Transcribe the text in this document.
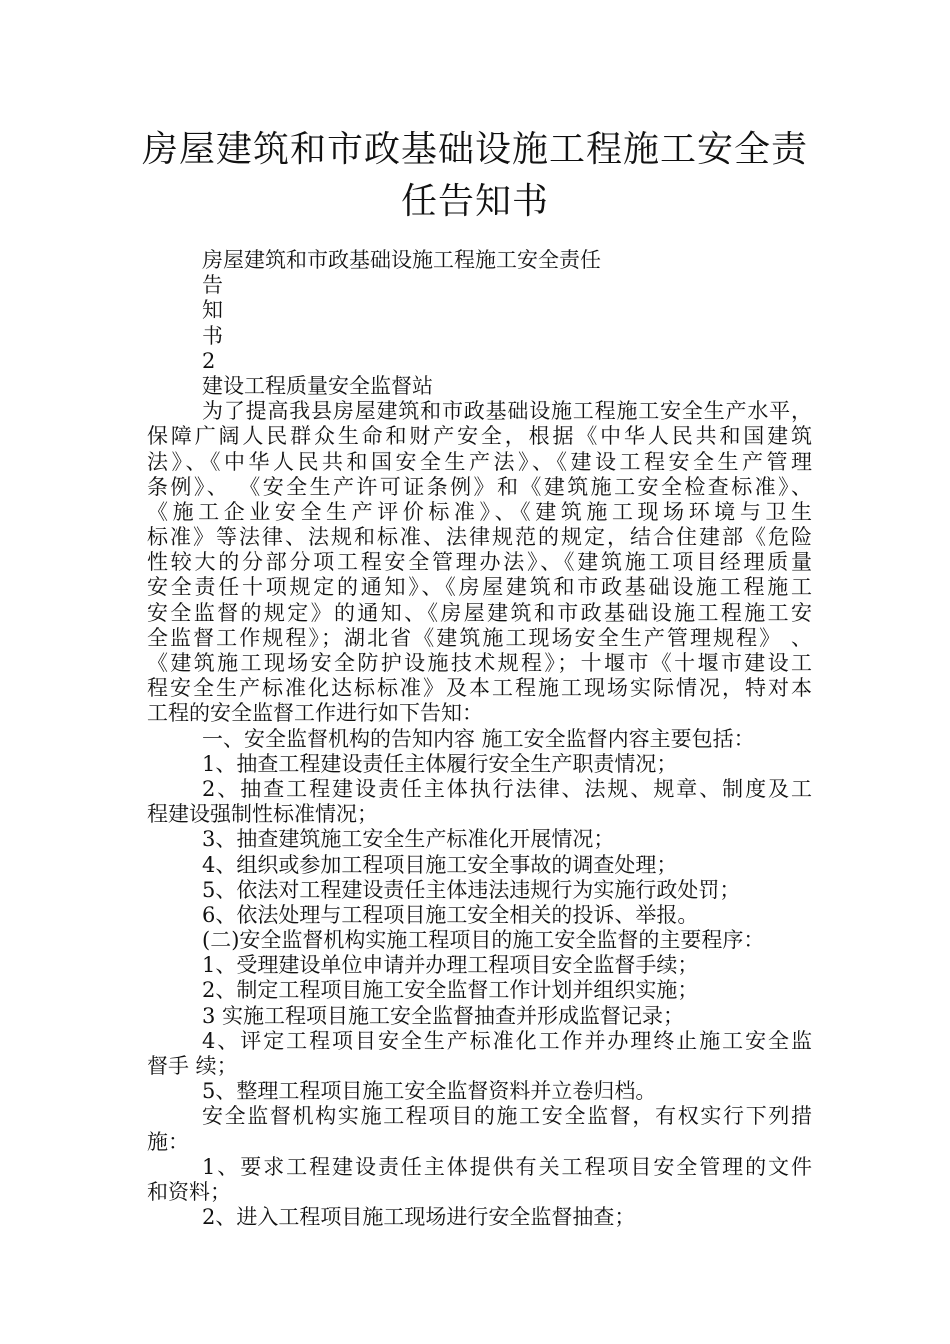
房屋建筑和市政基础设施工程施工安全责
任告知书
房屋建筑和市政基础设施工程施工安全责任
告
知
书
2
建设工程质量安全监督站
为了提高我县房屋建筑和市政基础设施工程施工安全生产水平，
保障广阔人民群众生命和财产安全，根据《中华人民共和国建筑
法》、《中华人民共和国安全生产法》、《建设工程安全生产管理
条例》、 《安全生产许可证条例》和《建筑施工安全检查标准》、
《施工企业安全生产评价标准》、《建筑施工现场环境与卫生
标准》等法律、法规和标准、法律规范的规定，结合住建部《危险
性较大的分部分项工程安全管理办法》、《建筑施工项目经理质量
安全责任十项规定的通知》、《房屋建筑和市政基础设施工程施工
安全监督的规定》的通知、《房屋建筑和市政基础设施工程施工安
全监督工作规程》；湖北省《建筑施工现场安全生产管理规程》 、
《建筑施工现场安全防护设施技术规程》；十堰市《十堰市建设工
程安全生产标准化达标标准》及本工程施工现场实际情况，特对本
工程的安全监督工作进行如下告知：
一、安全监督机构的告知内容 施工安全监督内容主要包括：
1、抽查工程建设责任主体履行安全生产职责情况；
2、抽查工程建设责任主体执行法律、法规、规章、制度及工
程建设强制性标准情况；
3、抽查建筑施工安全生产标准化开展情况；
4、组织或参加工程项目施工安全事故的调查处理；
5、依法对工程建设责任主体违法违规行为实施行政处罚；
6、依法处理与工程项目施工安全相关的投诉、举报。
(二)安全监督机构实施工程项目的施工安全监督的主要程序：
1、受理建设单位申请并办理工程项目安全监督手续；
2、制定工程项目施工安全监督工作计划并组织实施；
3 实施工程项目施工安全监督抽查并形成监督记录；
4、评定工程项目安全生产标准化工作并办理终止施工安全监
督手 续；
5、整理工程项目施工安全监督资料并立卷归档。
安全监督机构实施工程项目的施工安全监督，有权实行下列措
施：
1、要求工程建设责任主体提供有关工程项目安全管理的文件
和资料；
2、进入工程项目施工现场进行安全监督抽查；
